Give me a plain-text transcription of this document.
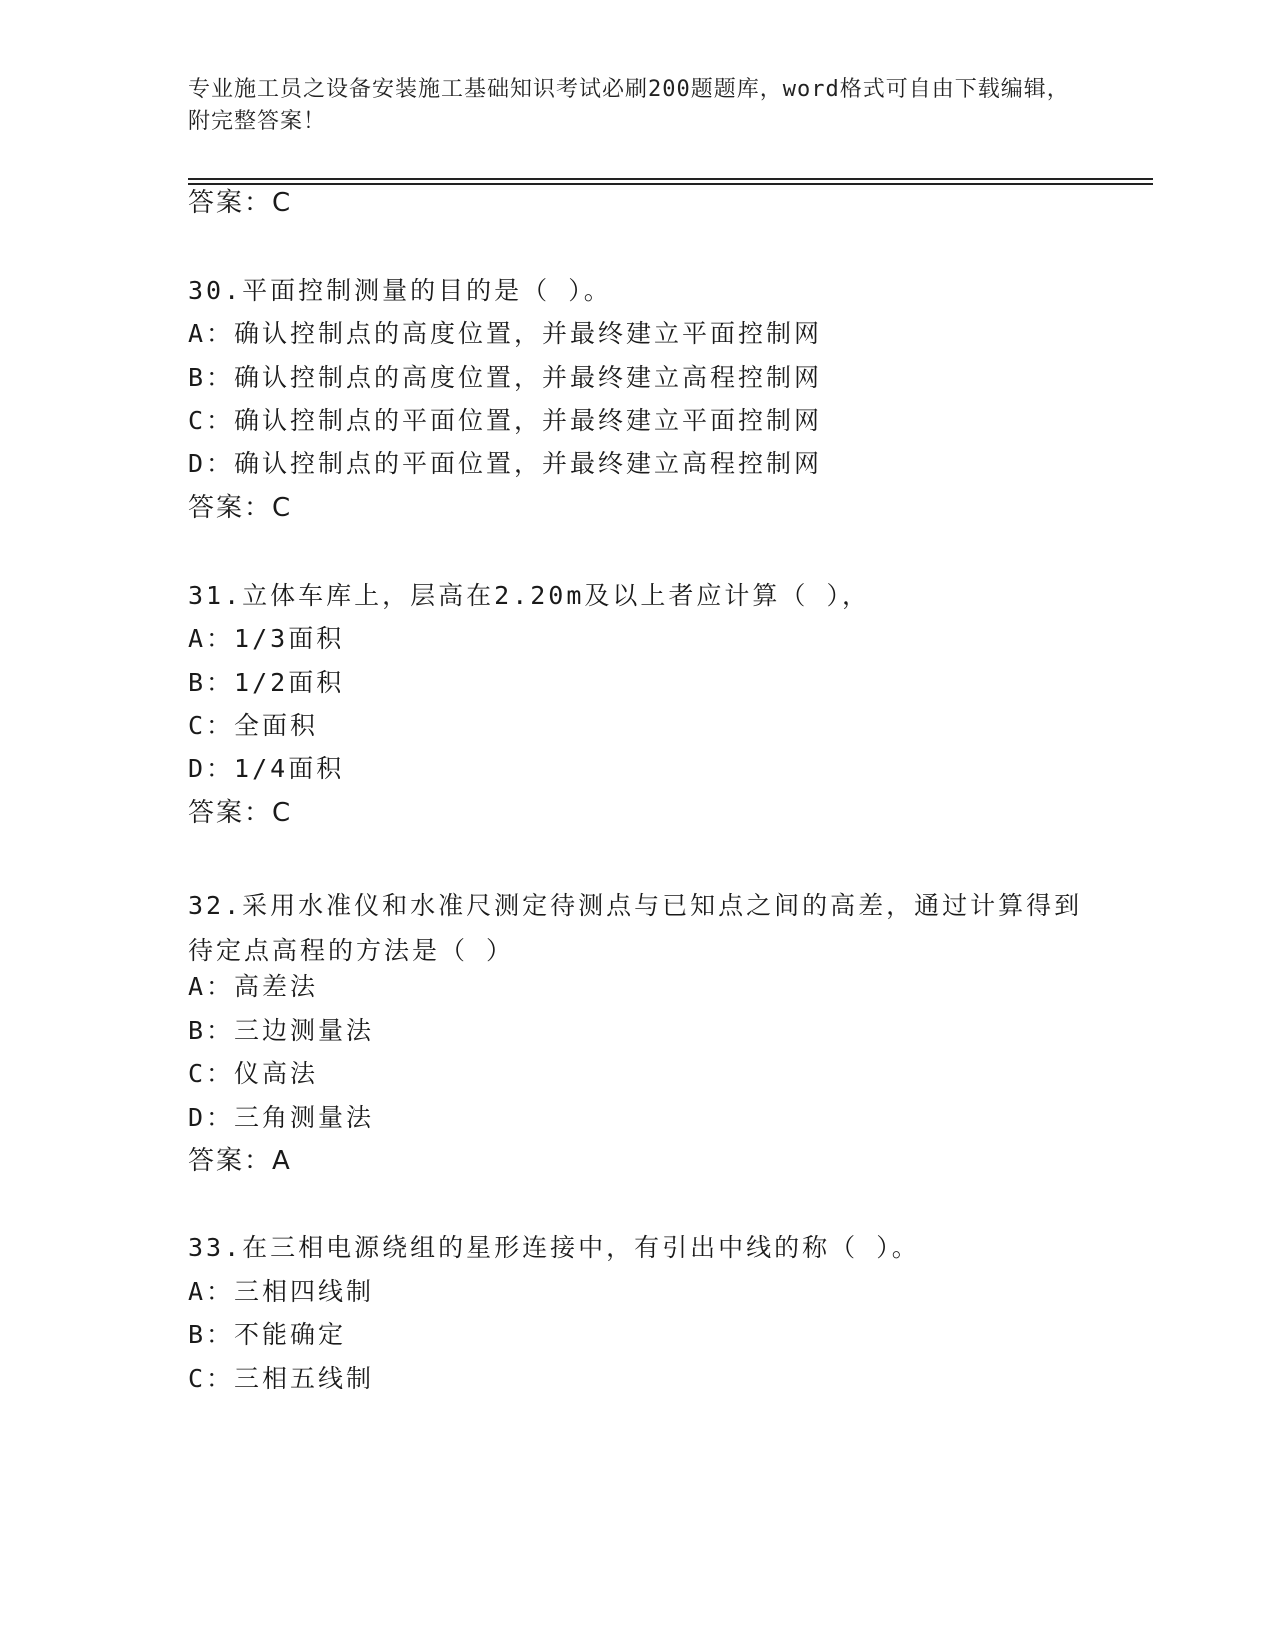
专业施工员之设备安装施工基础知识考试必刷200题题库，word格式可自由下载编辑，附完整答案！
答案：C
30.平面控制测量的目的是（ ）。
A：确认控制点的高度位置，并最终建立平面控制网
B：确认控制点的高度位置，并最终建立高程控制网
C：确认控制点的平面位置，并最终建立平面控制网
D：确认控制点的平面位置，并最终建立高程控制网
答案：C
31.立体车库上，层高在2.20m及以上者应计算（ ），
A：1/3面积
B：1/2面积
C：全面积
D：1/4面积
答案：C
32.采用水准仪和水准尺测定待测点与已知点之间的高差，通过计算得到待定点高程的方法是（ ）
A：高差法
B：三边测量法
C：仪高法
D：三角测量法
答案：A
33.在三相电源绕组的星形连接中，有引出中线的称（ ）。
A：三相四线制
B：不能确定
C：三相五线制
